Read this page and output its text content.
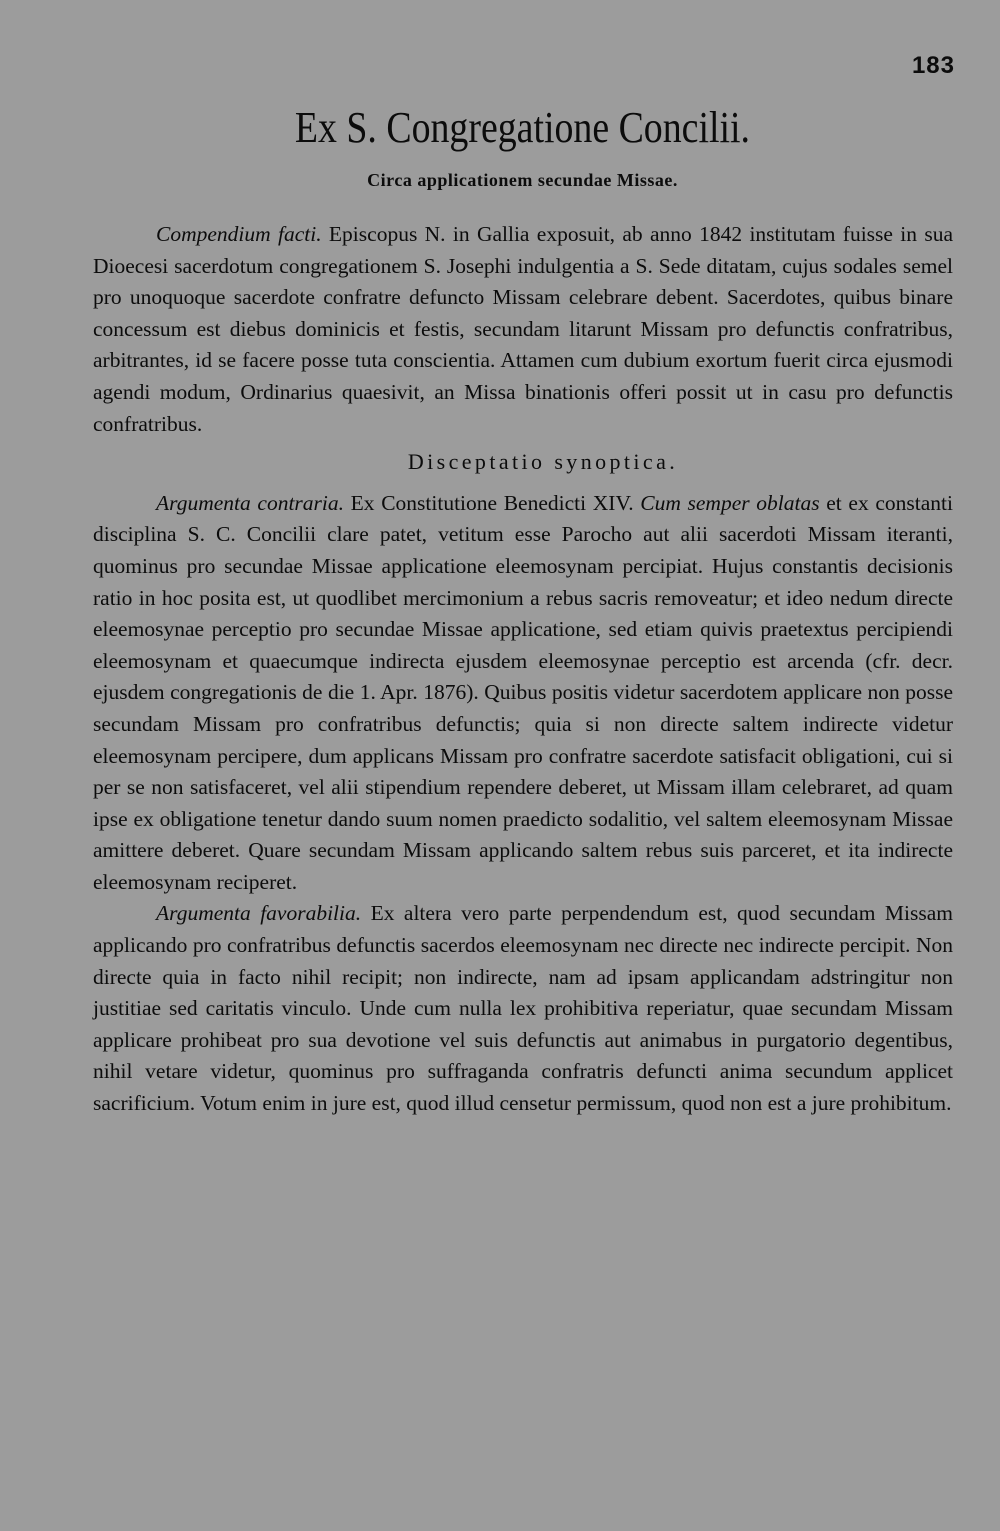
183
Ex S. Congregatione Concilii.
Circa applicationem secundae Missae.

Compendium facti. Episcopus N. in Gallia exposuit, ab anno 1842 institutam fuisse in sua Dioecesi sacerdotum congregationem S. Josephi indulgentia a S. Sede ditatam, cujus sodales semel pro unoquoque sacerdote confratre defuncto Missam celebrare debent. Sacerdotes, quibus binare concessum est diebus dominicis et festis, secundam litarunt Missam pro defunctis confratribus, arbitrantes, id se facere posse tuta conscientia. Attamen cum dubium exortum fuerit circa ejusmodi agendi modum, Ordinarius quaesivit, an Missa binationis offeri possit ut in casu pro defunctis confratribus.

Disceptatio synoptica.

Argumenta contraria. Ex Constitutione Benedicti XIV. Cum semper oblatas et ex constanti disciplina S. C. Concilii clare patet, vetitum esse Parocho aut alii sacerdoti Missam iteranti, quominus pro secundae Missae applicatione eleemosynam percipiat. Hujus constantis decisionis ratio in hoc posita est, ut quodlibet mercimonium a rebus sacris removeatur; et ideo nedum directe eleemosynae perceptio pro secundae Missae applicatione, sed etiam quivis praetextus percipiendi eleemosynam et quaecumque indirecta ejusdem eleemosynae perceptio est arcenda (cfr. decr. ejusdem congregationis de die 1. Apr. 1876). Quibus positis videtur sacerdotem applicare non posse secundam Missam pro confratribus defunctis; quia si non directe saltem indirecte videtur eleemosynam percipere, dum applicans Missam pro confratre sacerdote satisfacit obligationi, cui si per se non satisfaceret, vel alii stipendium rependere deberet, ut Missam illam celebraret, ad quam ipse ex obligatione tenetur dando suum nomen praedicto sodalitio, vel saltem eleemosynam Missae amittere deberet. Quare secundam Missam applicando saltem rebus suis parceret, et ita indirecte eleemosynam reciperet.

Argumenta favorabilia. Ex altera vero parte perpendendum est, quod secundam Missam applicando pro confratribus defunctis sacerdos eleemosynam nec directe nec indirecte percipit. Non directe quia in facto nihil recipit; non indirecte, nam ad ipsam applicandam adstringitur non justitiae sed caritatis vinculo. Unde cum nulla lex prohibitiva reperiatur, quae secundam Missam applicare prohibeat pro sua devotione vel suis defunctis aut animabus in purgatorio degentibus, nihil vetare videtur, quominus pro suffraganda confratris defuncti anima secundum applicet sacrificium. Votum enim in jure est, quod illud censetur permissum, quod non est a jure prohibitum.
